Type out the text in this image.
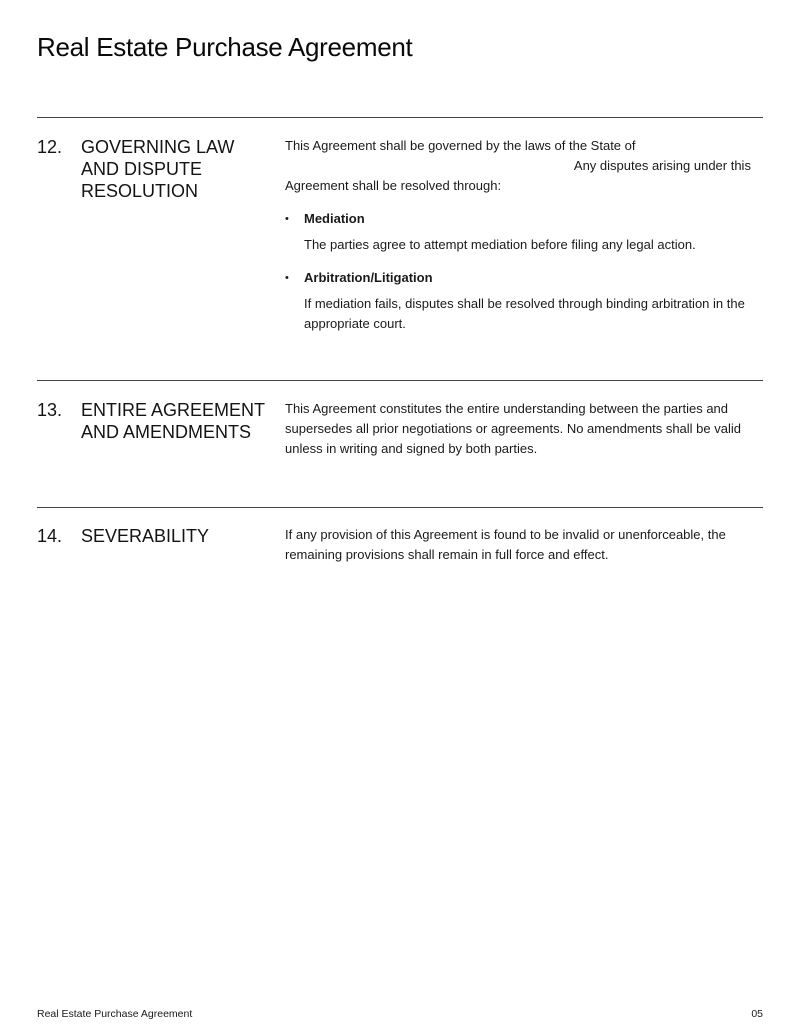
Real Estate Purchase Agreement
12. GOVERNING LAW AND DISPUTE RESOLUTION

This Agreement shall be governed by the laws of the State of
Any disputes arising under this

Agreement shall be resolved through:

• Mediation
The parties agree to attempt mediation before filing any legal action.
• Arbitration/Litigation
If mediation fails, disputes shall be resolved through binding arbitration in the appropriate court.
13. ENTIRE AGREEMENT AND AMENDMENTS

This Agreement constitutes the entire understanding between the parties and supersedes all prior negotiations or agreements. No amendments shall be valid unless in writing and signed by both parties.

14. SEVERABILITY	If any provision of this Agreement is found to be invalid or unenforceable, the remaining provisions shall remain in full force and effect.

Real Estate Purchase Agreement	05
